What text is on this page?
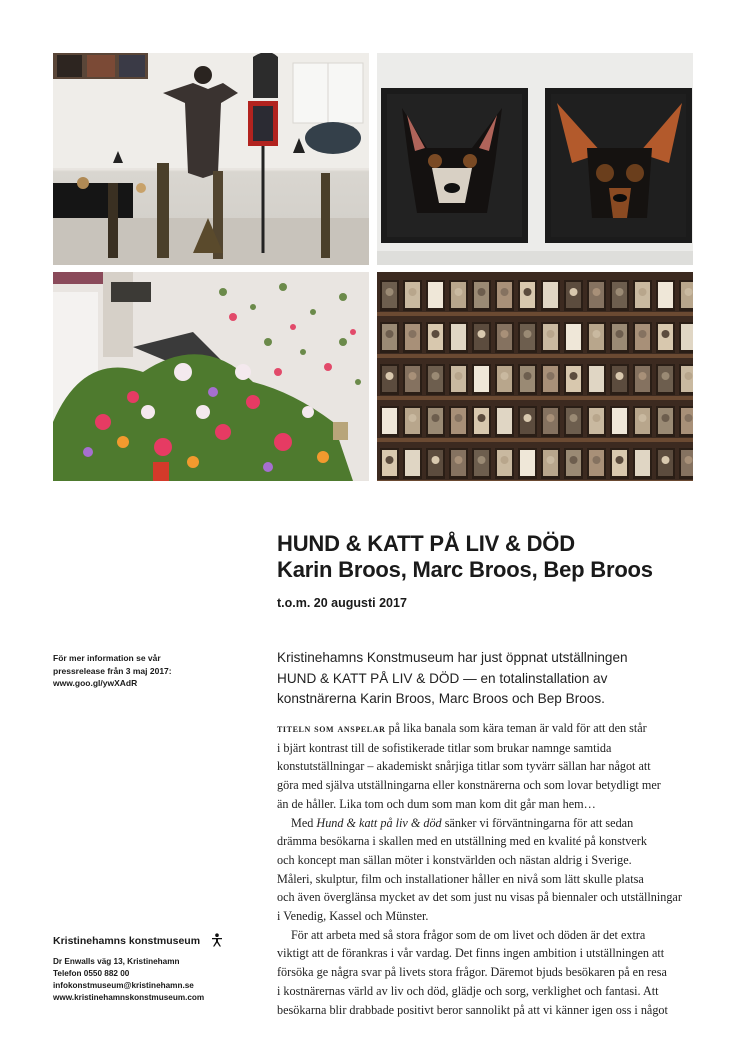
HUND & KATT PÅ LIV & DÖD
Karin Broos, Marc Broos, Bep Broos
t.o.m. 20 augusti 2017
För mer information se vår
pressrelease från 3 maj 2017:
www.goo.gl/ywXAdR
Kristinehamns Konstmuseum har just öppnat utställningen
HUND & KATT PÅ LIV & DÖD — en totalinstallation av
konstnärerna Karin Broos, Marc Broos och Bep Broos.
titeln som anspelar på lika banala som kära teman är vald för att den står
i bjärt kontrast till de sofistikerade titlar som brukar namnge samtida
konstutställningar – akademiskt snårjiga titlar som tyvärr sällan har något att
göra med själva utställningarna eller konstnärerna och som lovar betydligt mer
än de håller. Lika tom och dum som man kom dit går man hem…
Med Hund & katt på liv & död sänker vi förväntningarna för att sedan
drämma besökarna i skallen med en utställning med en kvalité på konstverk
och koncept man sällan möter i konstvärlden och nästan aldrig i Sverige.
Måleri, skulptur, film och installationer håller en nivå som lätt skulle platsa
och även överglänsa mycket av det som just nu visas på biennaler och utställningar
i Venedig, Kassel och Münster.
För att arbeta med så stora frågor som de om livet och döden är det extra
viktigt att de förankras i vår vardag. Det finns ingen ambition i utställningen att
försöka ge några svar på livets stora frågor. Däremot bjuds besökaren på en resa
i kostnärernas värld av liv och död, glädje och sorg, verklighet och fantasi. Att
besökarna blir drabbade positivt beror sannolikt på att vi känner igen oss i något
Kristinehamns konstmuseum
Dr Enwalls väg 13, Kristinehamn
Telefon 0550 882 00
infokonstmuseum@kristinehamn.se
www.kristinehamnskonstmuseum.com
